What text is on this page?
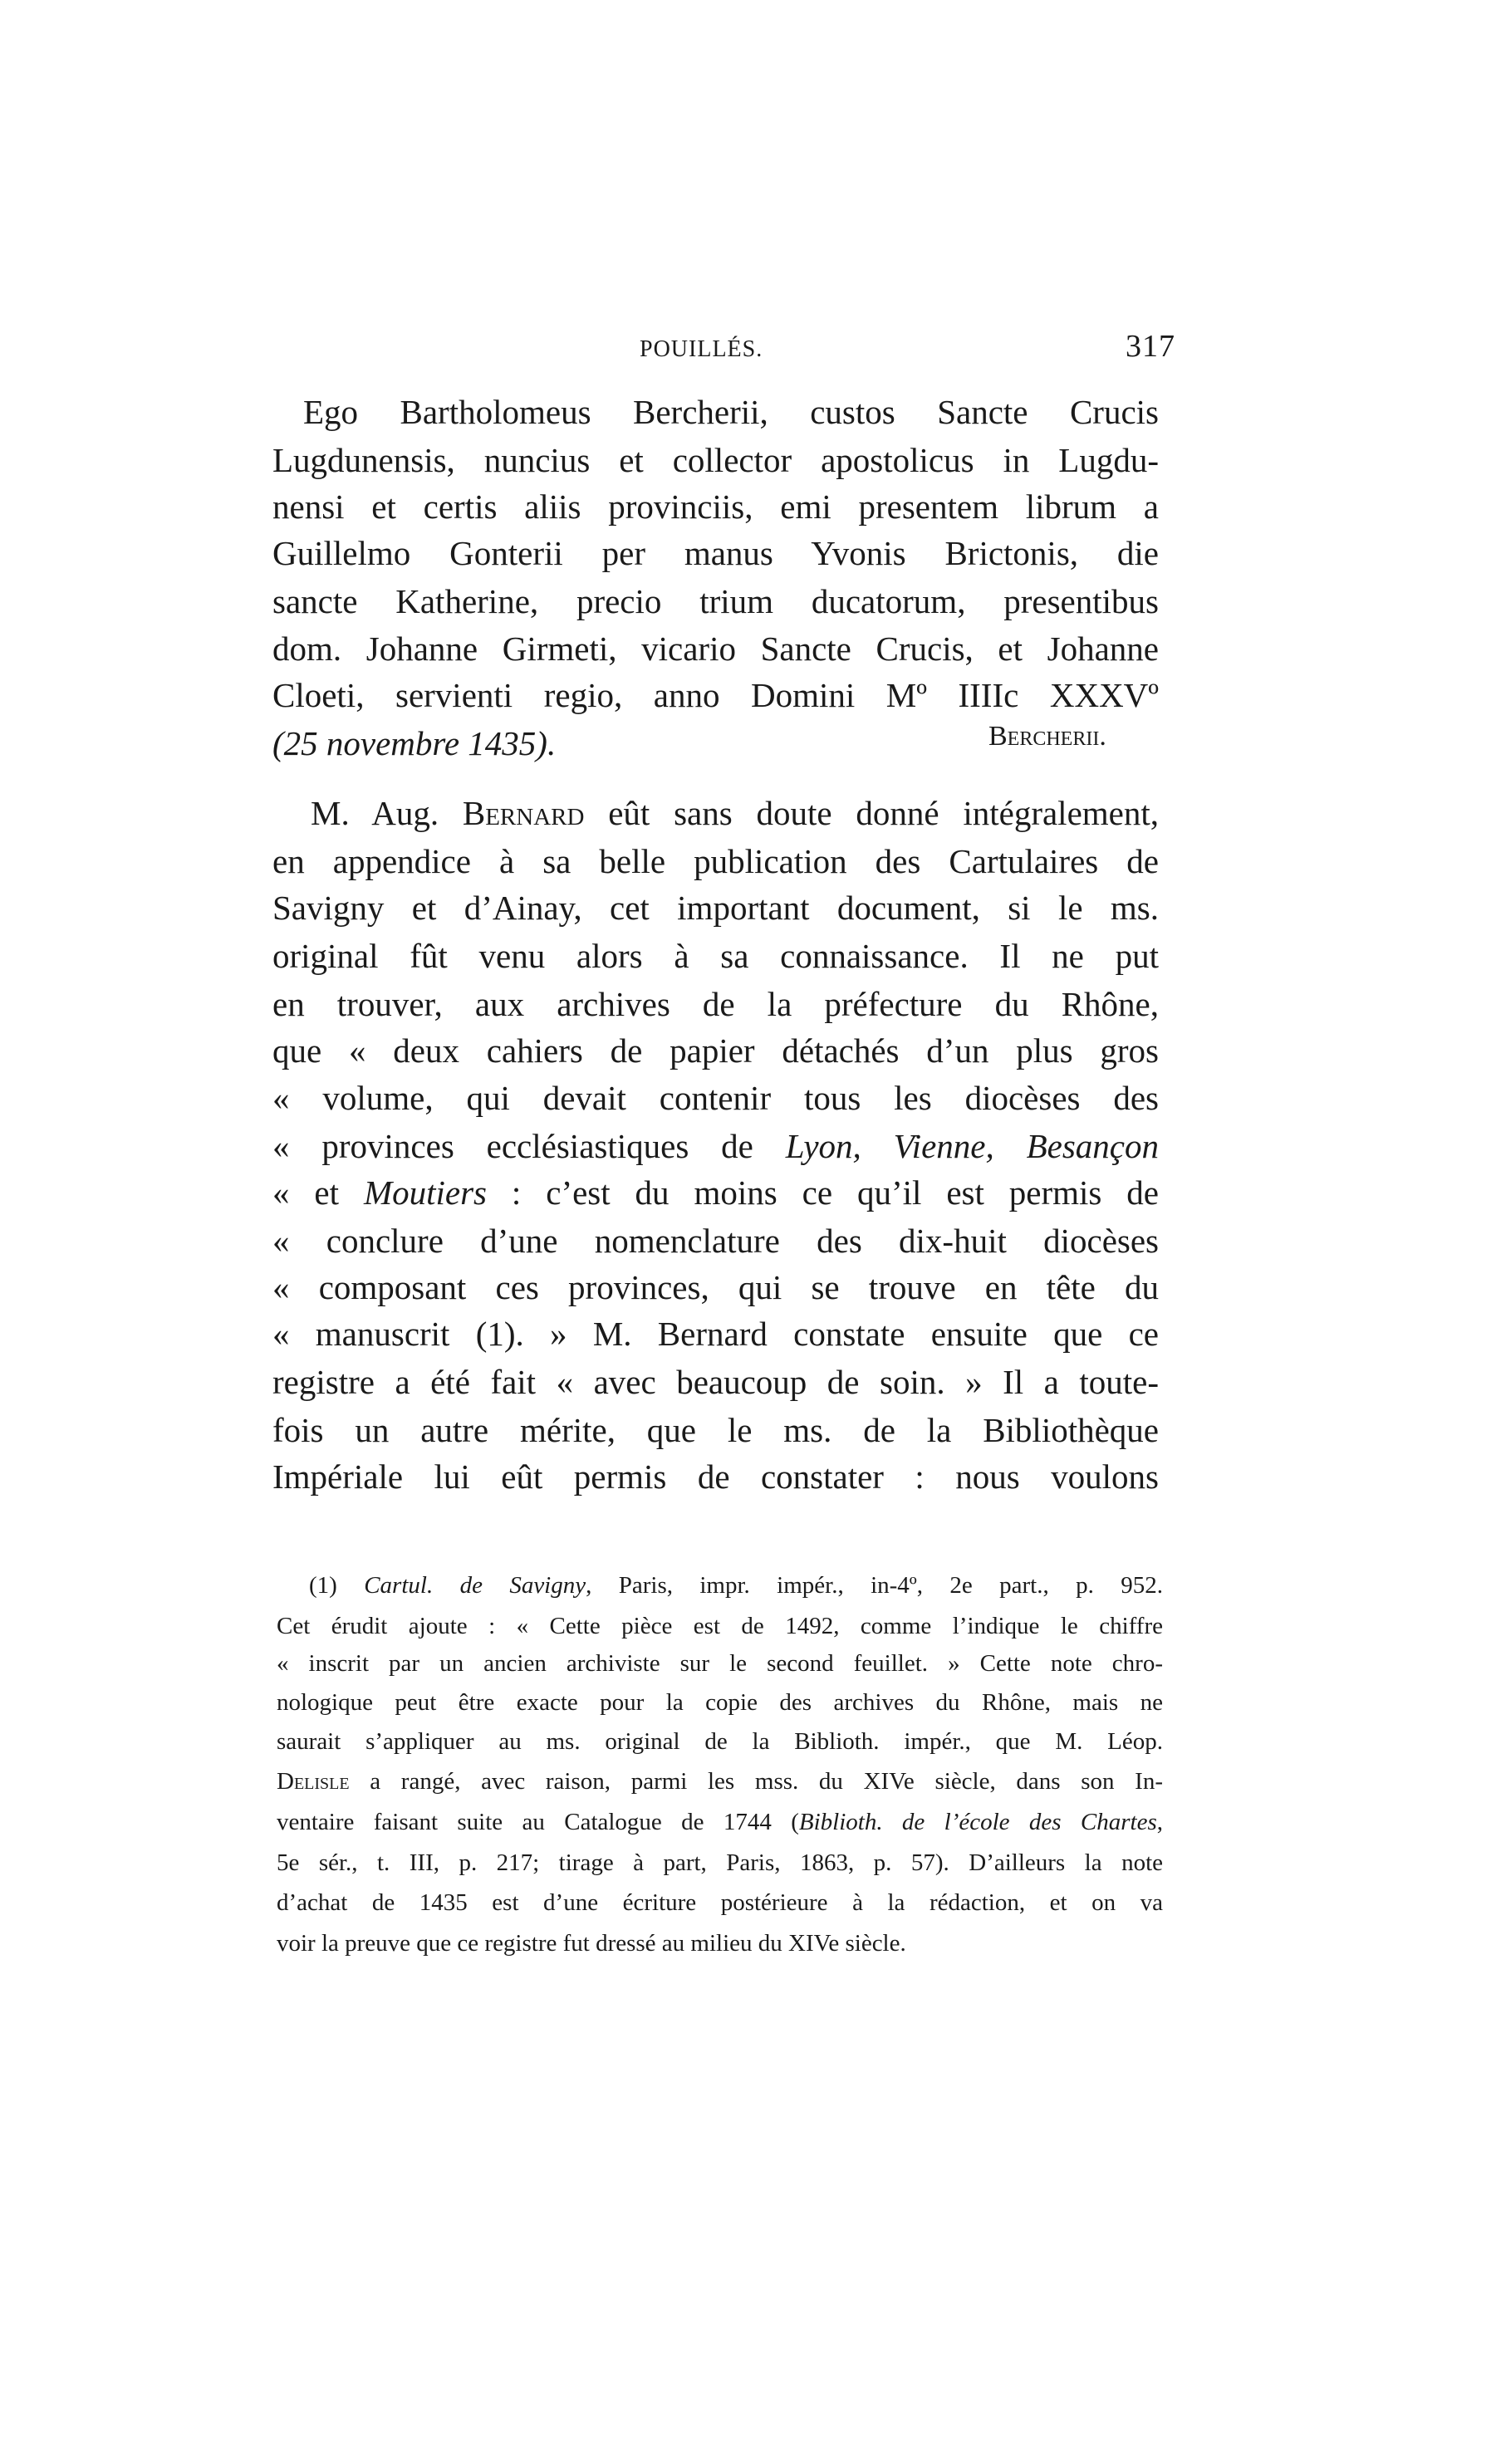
POUILLÉS.	317
Ego Bartholomeus Bercherii, custos Sancte Crucis
Lugdunensis, nuncius et collector apostolicus in Lugdu-
nensi et certis aliis provinciis, emi presentem librum a
Guillelmo Gonterii per manus Yvonis Brictonis, die
sancte Katherine, precio trium ducatorum, presentibus
dom. Johanne Girmeti, vicario Sancte Crucis, et Johanne
Cloeti, servienti regio, anno Domini Mº IIIIc XXXVº
(25 novembre 1435).
M. Aug. Bernard eût sans doute donné intégralement,
en appendice à sa belle publication des Cartulaires de
Savigny et d’Ainay, cet important document, si le ms.
original fût venu alors à sa connaissance. Il ne put
en trouver, aux archives de la préfecture du Rhône,
que « deux cahiers de papier détachés d’un plus gros
« volume, qui devait contenir tous les diocèses des
« provinces ecclésiastiques de Lyon, Vienne, Besançon
« et Moutiers : c’est du moins ce qu’il est permis de
« conclure d’une nomenclature des dix-huit diocèses
« composant ces provinces, qui se trouve en tête du
« manuscrit (1). » M. Bernard constate ensuite que ce
registre a été fait « avec beaucoup de soin. » Il a toute-
fois un autre mérite, que le ms. de la Bibliothèque
Impériale lui eût permis de constater : nous voulons
Bercherii.
(1) Cartul. de Savigny, Paris, impr. impér., in-4º, 2e part., p. 952.
Cet érudit ajoute : « Cette pièce est de 1492, comme l’indique le chiffre
« inscrit par un ancien archiviste sur le second feuillet. » Cette note chro-
nologique peut être exacte pour la copie des archives du Rhône, mais ne
saurait s’appliquer au ms. original de la Biblioth. impér., que M. Léop.
Delisle a rangé, avec raison, parmi les mss. du XIVe siècle, dans son In-
ventaire faisant suite au Catalogue de 1744 (Biblioth. de l’école des Chartes,
5e sér., t. III, p. 217; tirage à part, Paris, 1863, p. 57). D’ailleurs la note
d’achat de 1435 est d’une écriture postérieure à la rédaction, et on va
voir la preuve que ce registre fut dressé au milieu du XIVe siècle.
